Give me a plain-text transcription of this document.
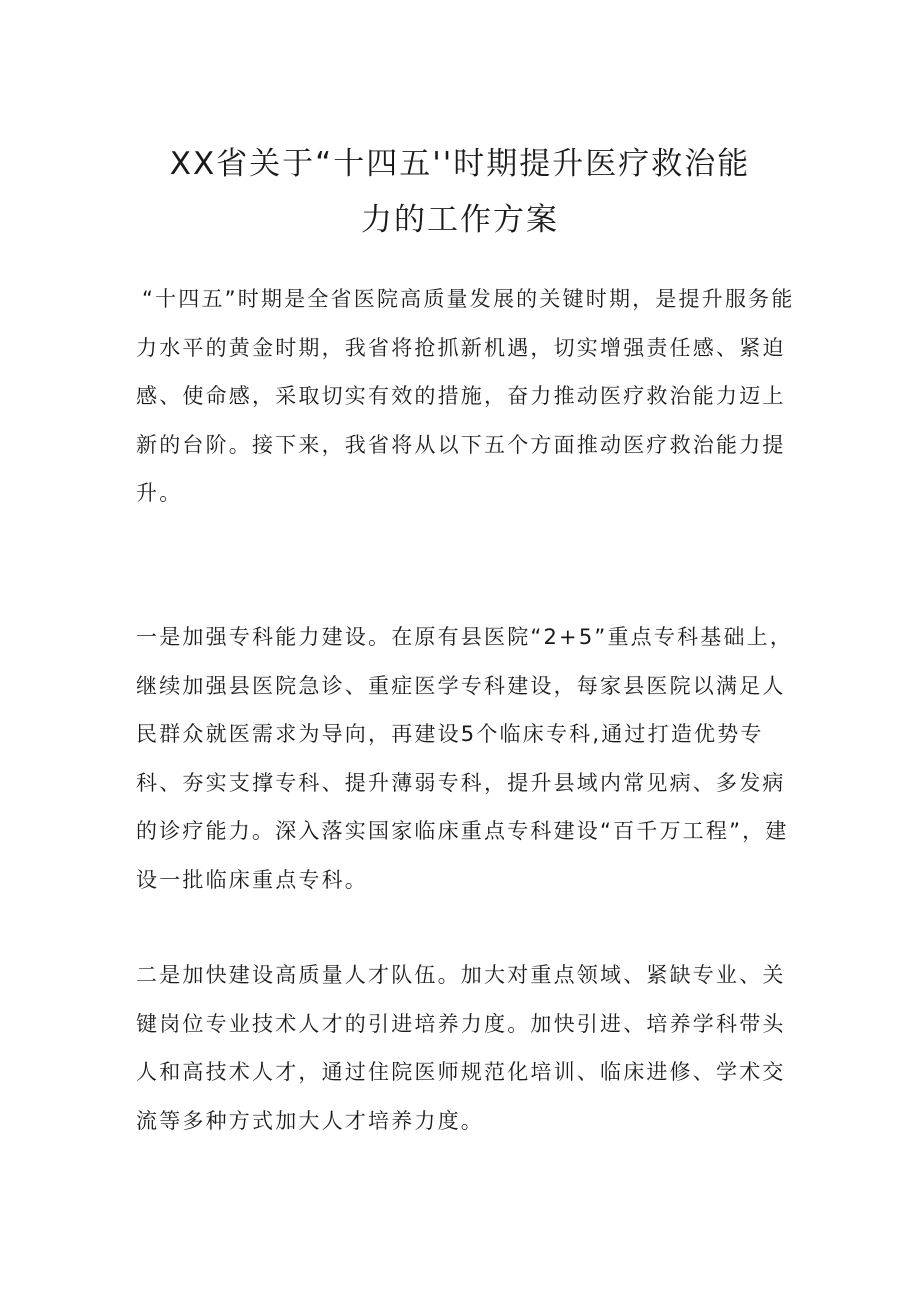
XX省关于“十四五''时期提升医疗救治能
力的工作方案

“十四五”时期是全省医院高质量发展的关键时期，是提升服务能力水平的黄金时期，我省将抢抓新机遇，切实增强责任感、紧迫感、使命感，采取切实有效的措施，奋力推动医疗救治能力迈上新的台阶。接下来，我省将从以下五个方面推动医疗救治能力提升。

一是加强专科能力建设。在原有县医院“2+5”重点专科基础上，继续加强县医院急诊、重症医学专科建设，每家县医院以满足人民群众就医需求为导向，再建设5个临床专科,通过打造优势专科、夯实支撑专科、提升薄弱专科，提升县域内常见病、多发病的诊疗能力。深入落实国家临床重点专科建设“百千万工程”，建设一批临床重点专科。

二是加快建设高质量人才队伍。加大对重点领域、紧缺专业、关键岗位专业技术人才的引进培养力度。加快引进、培养学科带头人和高技术人才，通过住院医师规范化培训、临床进修、学术交流等多种方式加大人才培养力度。
